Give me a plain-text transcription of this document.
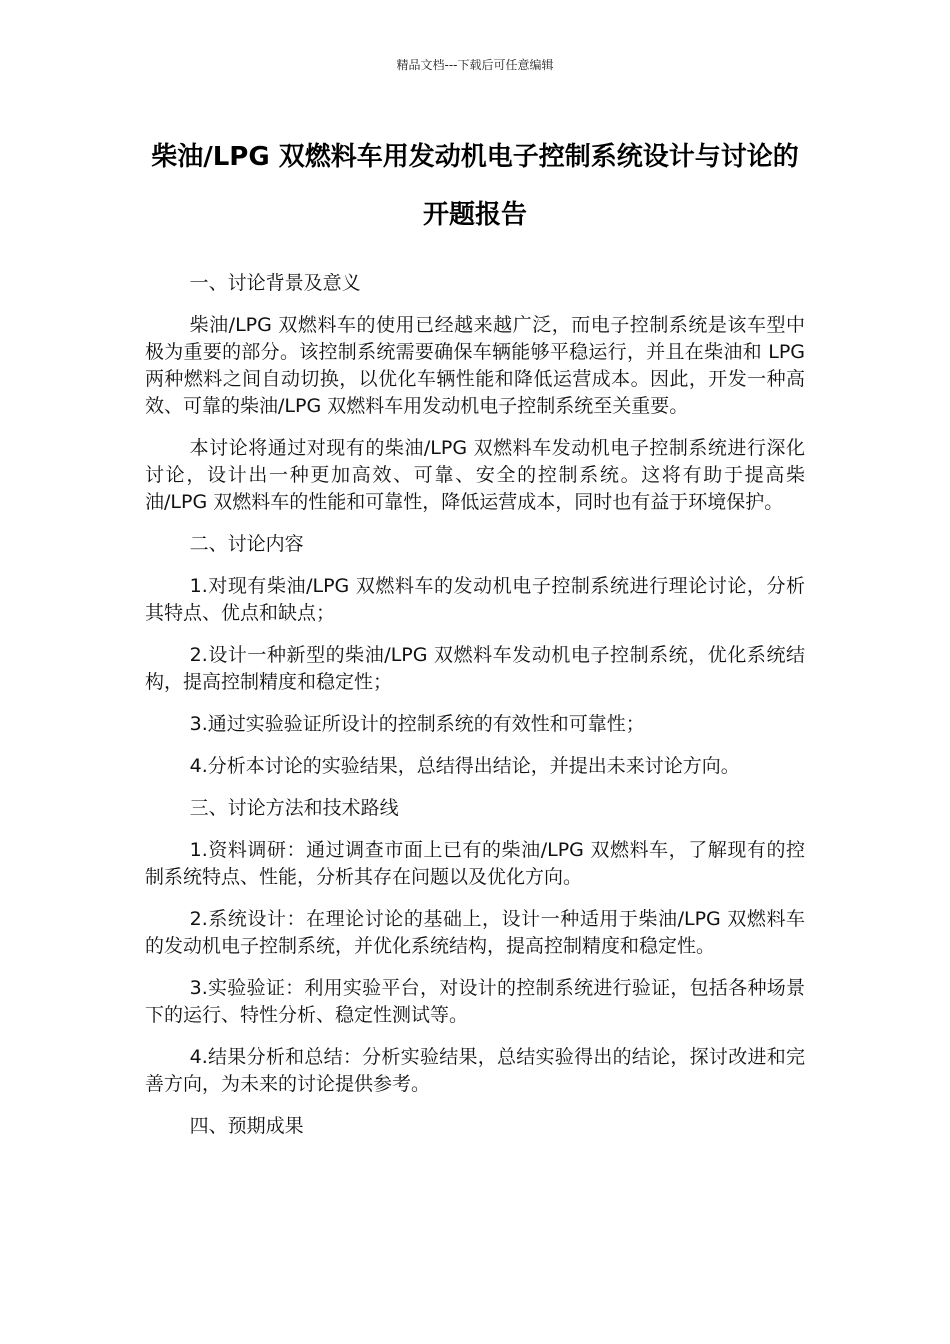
精品文档---下载后可任意编辑
柴油/LPG 双燃料车用发动机电子控制系统设计与讨论的开题报告

一、讨论背景及意义

柴油/LPG 双燃料车的使用已经越来越广泛，而电子控制系统是该车型中极为重要的部分。该控制系统需要确保车辆能够平稳运行，并且在柴油和 LPG 两种燃料之间自动切换，以优化车辆性能和降低运营成本。因此，开发一种高效、可靠的柴油/LPG 双燃料车用发动机电子控制系统至关重要。

本讨论将通过对现有的柴油/LPG 双燃料车发动机电子控制系统进行深化讨论，设计出一种更加高效、可靠、安全的控制系统。这将有助于提高柴油/LPG 双燃料车的性能和可靠性，降低运营成本，同时也有益于环境保护。

二、讨论内容

1.对现有柴油/LPG 双燃料车的发动机电子控制系统进行理论讨论，分析其特点、优点和缺点；

2.设计一种新型的柴油/LPG 双燃料车发动机电子控制系统，优化系统结构，提高控制精度和稳定性；

3.通过实验验证所设计的控制系统的有效性和可靠性；

4.分析本讨论的实验结果，总结得出结论，并提出未来讨论方向。

三、讨论方法和技术路线

1.资料调研：通过调查市面上已有的柴油/LPG 双燃料车，了解现有的控制系统特点、性能，分析其存在问题以及优化方向。

2.系统设计：在理论讨论的基础上，设计一种适用于柴油/LPG 双燃料车的发动机电子控制系统，并优化系统结构，提高控制精度和稳定性。

3.实验验证：利用实验平台，对设计的控制系统进行验证，包括各种场景下的运行、特性分析、稳定性测试等。

4.结果分析和总结：分析实验结果，总结实验得出的结论，探讨改进和完善方向，为未来的讨论提供参考。

四、预期成果
